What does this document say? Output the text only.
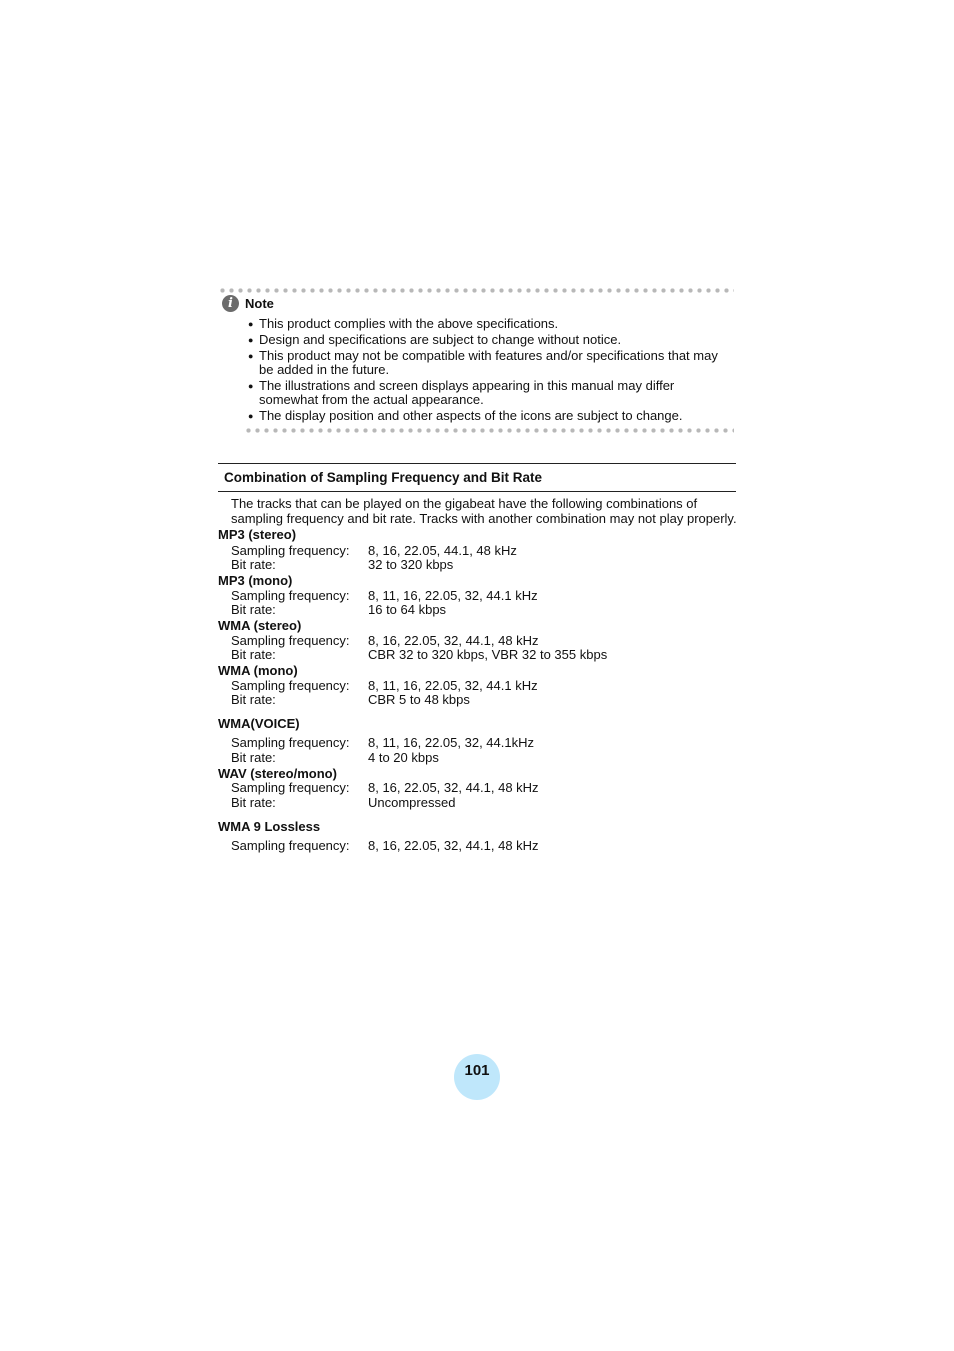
i Note
● This product complies with the above specifications.
● Design and specifications are subject to change without notice.
● This product may not be compatible with features and/or specifications that may be added in the future.
● The illustrations and screen displays appearing in this manual may differ somewhat from the actual appearance.
● The display position and other aspects of the icons are subject to change.
Combination of Sampling Frequency and Bit Rate
The tracks that can be played on the gigabeat have the following combinations of sampling frequency and bit rate. Tracks with another combination may not play properly.
MP3 (stereo)
Sampling frequency: 8, 16, 22.05, 44.1, 48 kHz
Bit rate:	32 to 320 kbps
MP3 (mono)
Sampling frequency: 8, 11, 16, 22.05, 32, 44.1 kHz
Bit rate:	16 to 64 kbps
WMA (stereo)
Sampling frequency: 8, 16, 22.05, 32, 44.1, 48 kHz
Bit rate:	CBR 32 to 320 kbps, VBR 32 to 355 kbps
WMA (mono)
Sampling frequency: 8, 11, 16, 22.05, 32, 44.1 kHz
Bit rate:	CBR 5 to 48 kbps
WMA(VOICE)
Sampling frequency: 8, 11, 16, 22.05, 32, 44.1kHz
Bit rate:	4 to 20 kbps
WAV (stereo/mono)
Sampling frequency: 8, 16, 22.05, 32, 44.1, 48 kHz
Bit rate:	Uncompressed
WMA 9 Lossless
Sampling frequency: 8, 16, 22.05, 32, 44.1, 48 kHz
101
